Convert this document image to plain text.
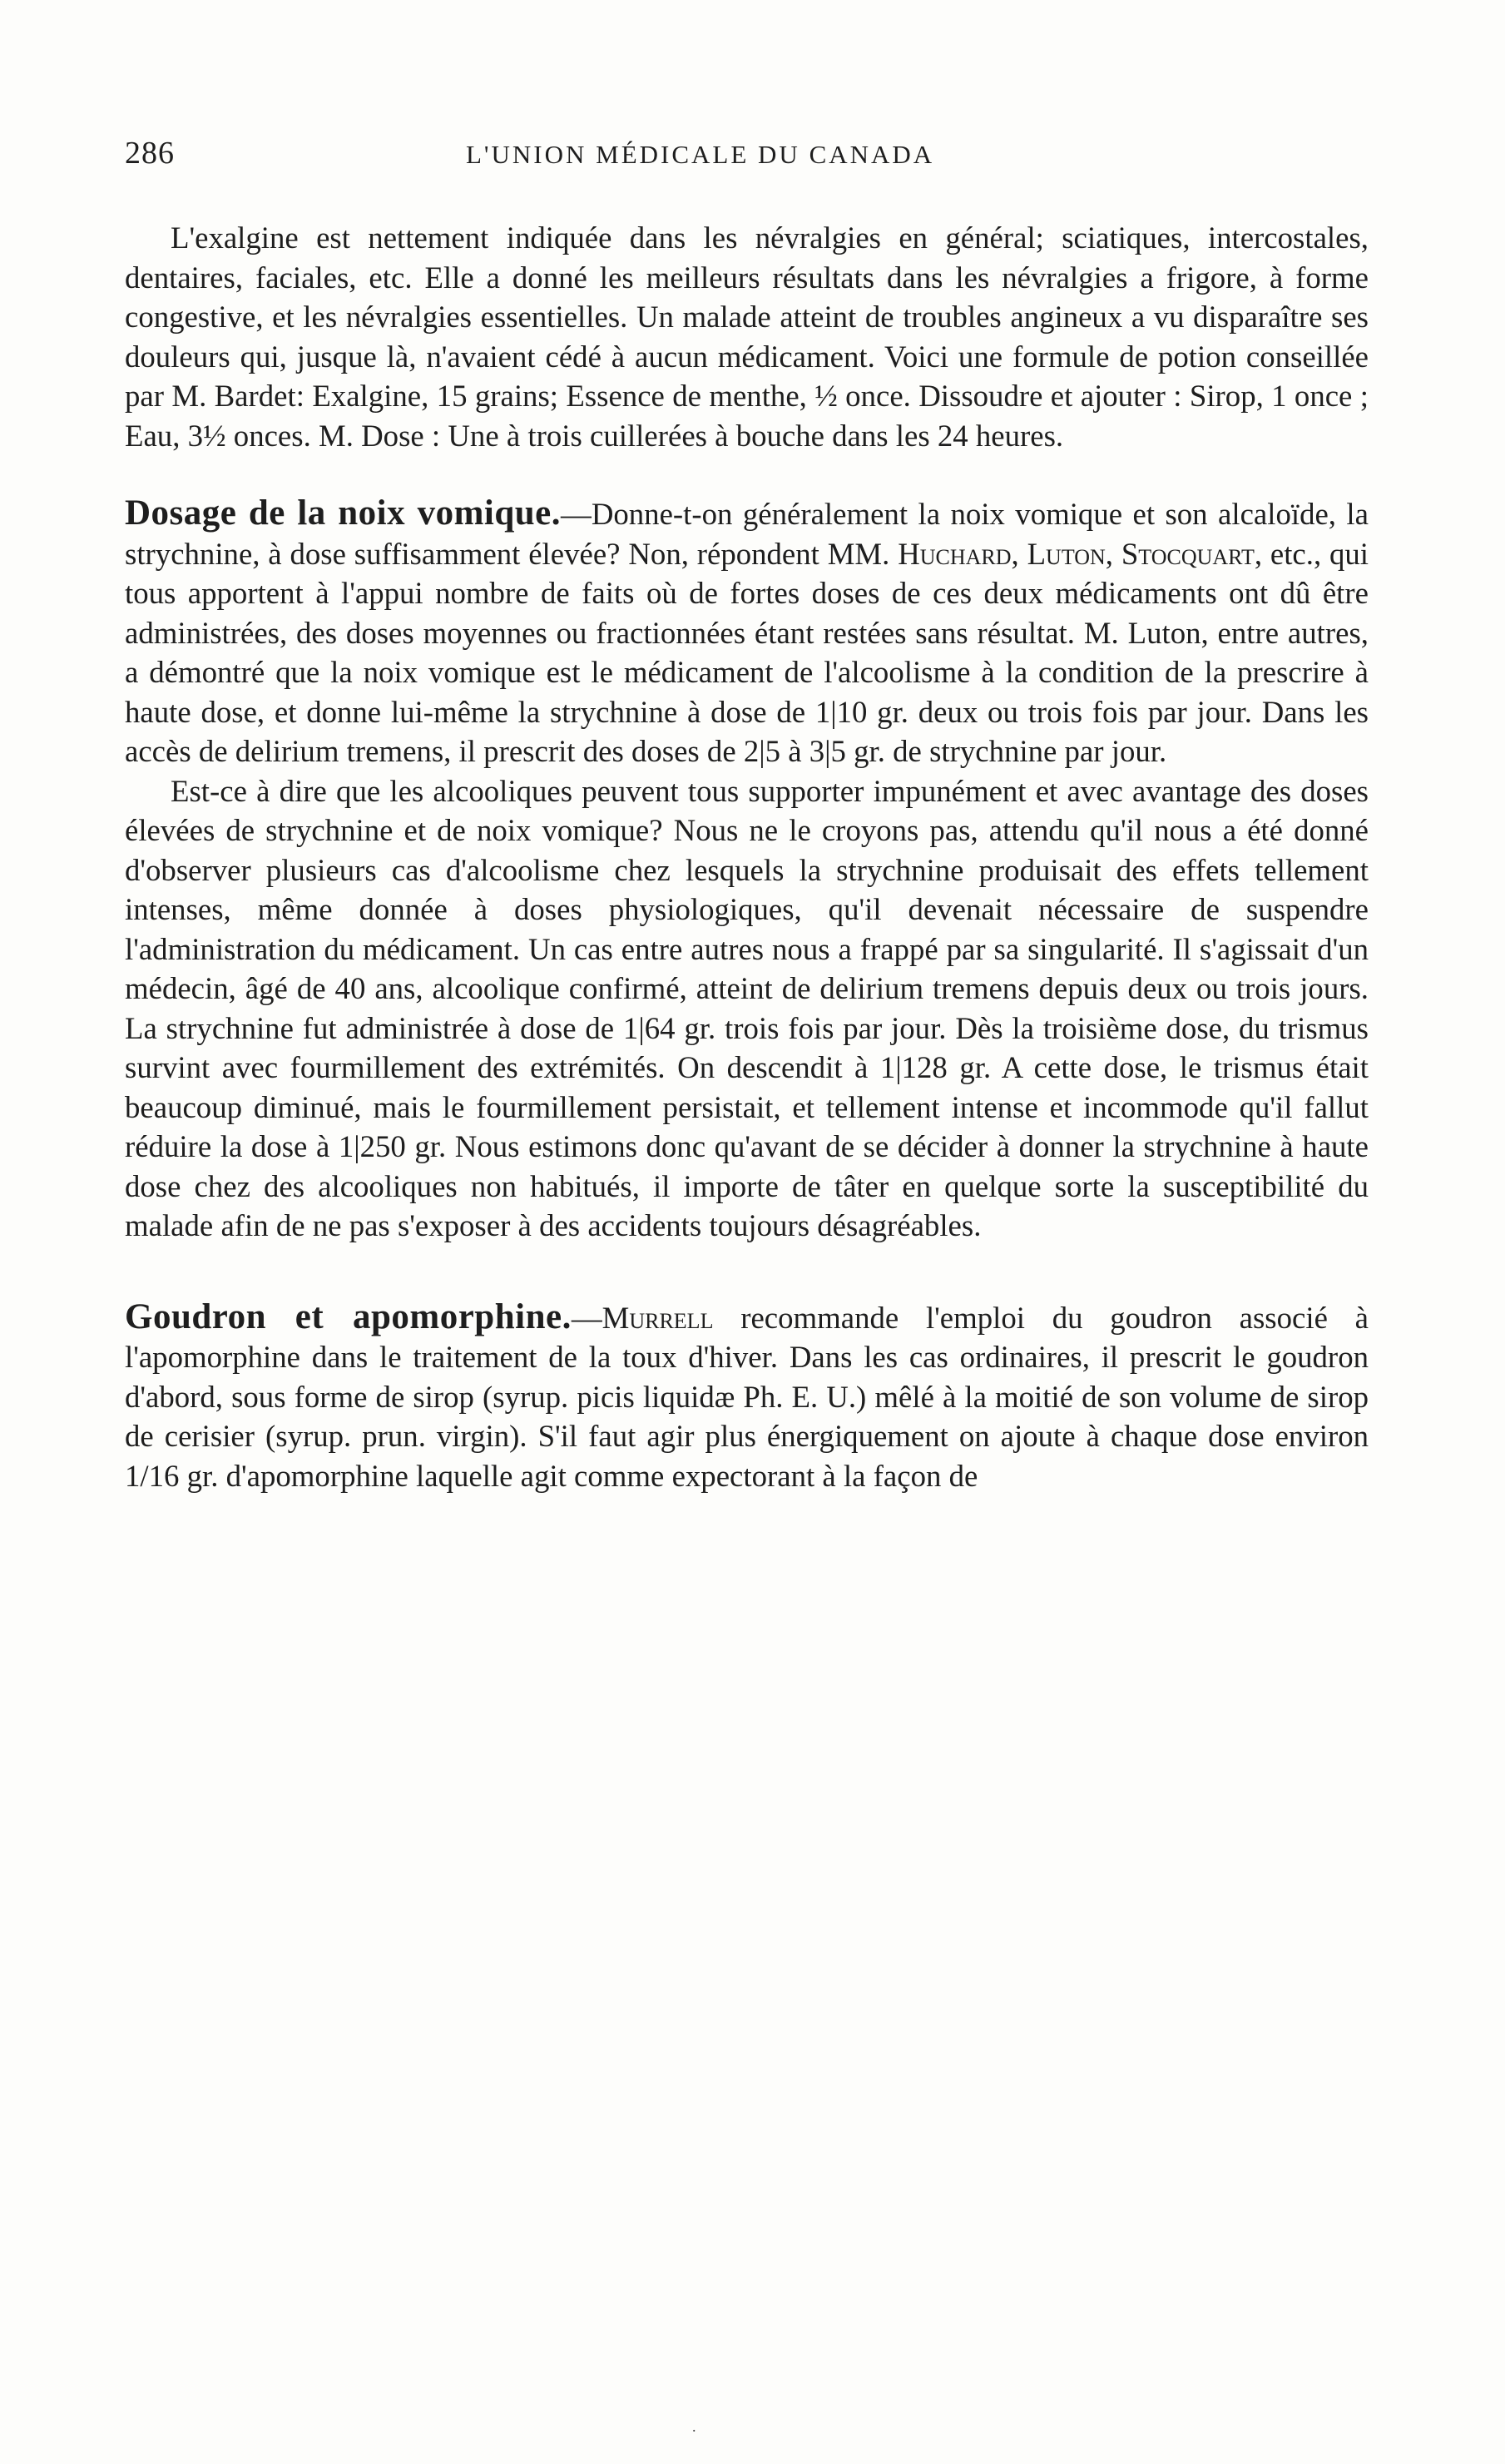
286	L'UNION MÉDICALE DU CANADA

L'exalgine est nettement indiquée dans les névralgies en général; sciatiques, intercostales, dentaires, faciales, etc. Elle a donné les meilleurs résultats dans les névralgies a frigore, à forme congestive, et les névralgies essentielles. Un malade atteint de troubles angineux a vu disparaître ses douleurs qui, jusque là, n'avaient cédé à aucun médicament. Voici une formule de potion conseillée par M. Bardet: Exalgine, 15 grains; Essence de menthe, ½ once. Dissoudre et ajouter : Sirop, 1 once ; Eau, 3½ onces. M. Dose : Une à trois cuillerées à bouche dans les 24 heures.

Dosage de la noix vomique.—Donne-t-on généralement la noix vomique et son alcaloïde, la strychnine, à dose suffisamment élevée? Non, répondent MM. Huchard, Luton, Stocquart, etc., qui tous apportent à l'appui nombre de faits où de fortes doses de ces deux médicaments ont dû être administrées, des doses moyennes ou fractionnées étant restées sans résultat. M. Luton, entre autres, a démontré que la noix vomique est le médicament de l'alcoolisme à la condition de la prescrire à haute dose, et donne lui-même la strychnine à dose de 1|10 gr. deux ou trois fois par jour. Dans les accès de delirium tremens, il prescrit des doses de 2|5 à 3|5 gr. de strychnine par jour.

Est-ce à dire que les alcooliques peuvent tous supporter impunément et avec avantage des doses élevées de strychnine et de noix vomique? Nous ne le croyons pas, attendu qu'il nous a été donné d'observer plusieurs cas d'alcoolisme chez lesquels la strychnine produisait des effets tellement intenses, même donnée à doses physiologiques, qu'il devenait nécessaire de suspendre l'administration du médicament. Un cas entre autres nous a frappé par sa singularité. Il s'agissait d'un médecin, âgé de 40 ans, alcoolique confirmé, atteint de delirium tremens depuis deux ou trois jours. La strychnine fut administrée à dose de 1|64 gr. trois fois par jour. Dès la troisième dose, du trismus survint avec fourmillement des extrémités. On descendit à 1|128 gr. A cette dose, le trismus était beaucoup diminué, mais le fourmillement persistait, et tellement intense et incommode qu'il fallut réduire la dose à 1|250 gr. Nous estimons donc qu'avant de se décider à donner la strychnine à haute dose chez des alcooliques non habitués, il importe de tâter en quelque sorte la susceptibilité du malade afin de ne pas s'exposer à des accidents toujours désagréables.

Goudron et apomorphine.—Murrell recommande l'emploi du goudron associé à l'apomorphine dans le traitement de la toux d'hiver. Dans les cas ordinaires, il prescrit le goudron d'abord, sous forme de sirop (syrup. picis liquidæ Ph. E. U.) mêlé à la moitié de son volume de sirop de cerisier (syrup. prun. virgin). S'il faut agir plus énergiquement on ajoute à chaque dose environ 1/16 gr. d'apomorphine laquelle agit comme expectorant à la façon de

.
